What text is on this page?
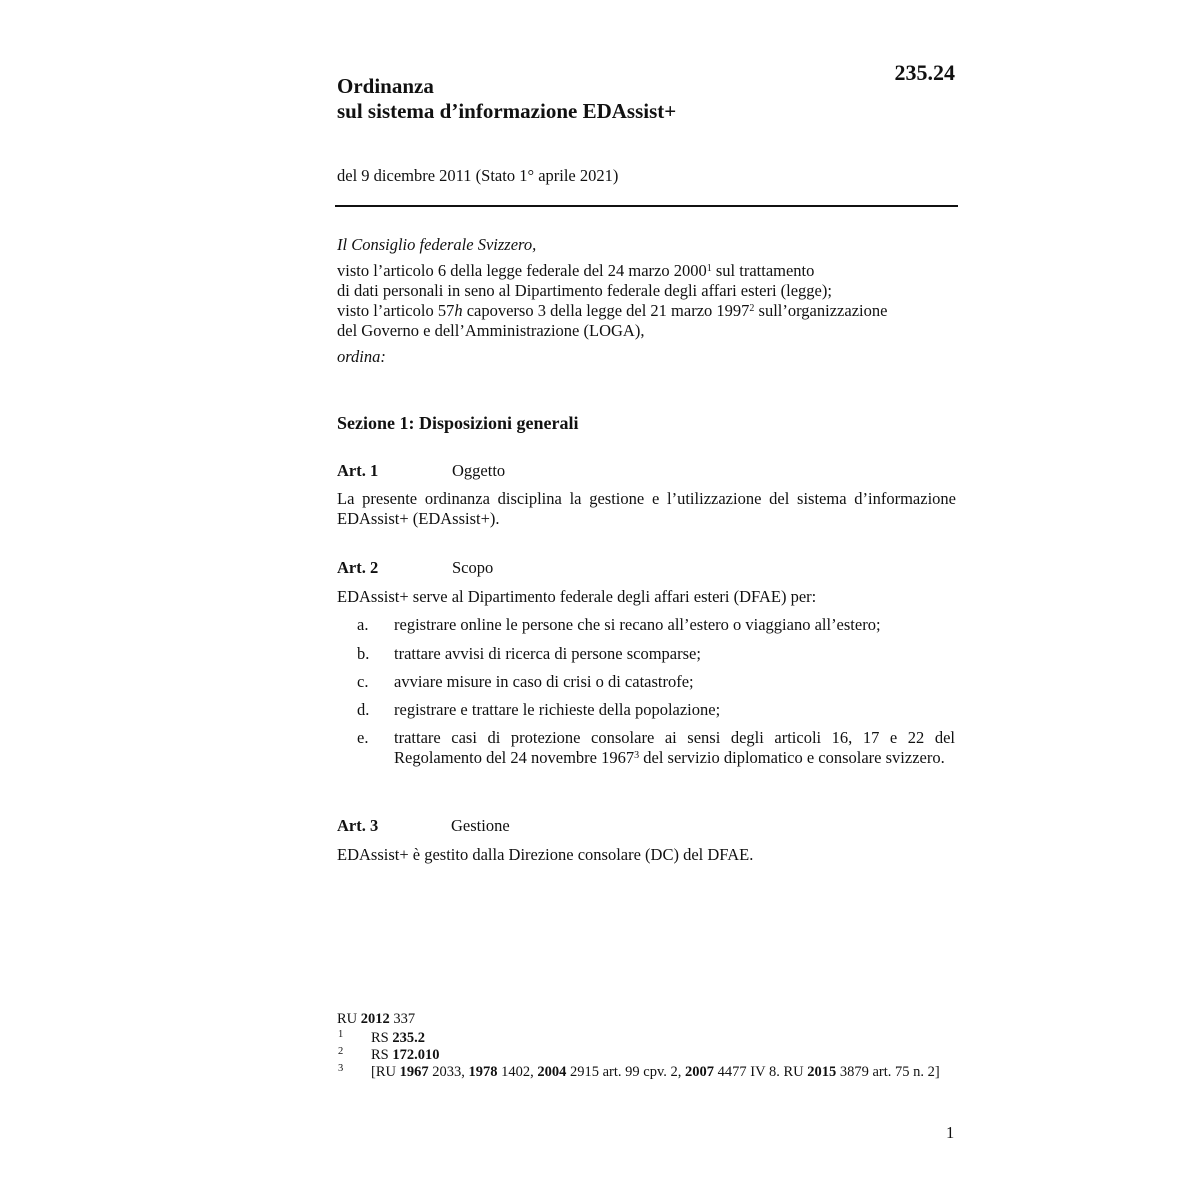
235.24
Ordinanza
sul sistema d’informazione EDAssist+
del 9 dicembre 2011 (Stato 1° aprile 2021)
Il Consiglio federale Svizzero,
visto l’articolo 6 della legge federale del 24 marzo 2000$^1$ sul trattamento
di dati personali in seno al Dipartimento federale degli affari esteri (legge);
visto l’articolo 57h capoverso 3 della legge del 21 marzo 1997$^2$ sull’organizzazione
del Governo e dell’Amministrazione (LOGA),
ordina:
Sezione 1: Disposizioni generali
Art. 1	Oggetto
La presente ordinanza disciplina la gestione e l’utilizzazione del sistema d’informazione EDAssist+ (EDAssist+).
Art. 2	Scopo
EDAssist+ serve al Dipartimento federale degli affari esteri (DFAE) per:
a. registrare online le persone che si recano all’estero o viaggiano all’estero;
b. trattare avvisi di ricerca di persone scomparse;
c. avviare misure in caso di crisi o di catastrofe;
d. registrare e trattare le richieste della popolazione;
e. trattare casi di protezione consolare ai sensi degli articoli 16, 17 e 22 del Regolamento del 24 novembre 1967$^3$ del servizio diplomatico e consolare svizzero.
Art. 3	Gestione
EDAssist+ è gestito dalla Direzione consolare (DC) del DFAE.
RU 2012 337
1 RS 235.2
2 RS 172.010
3 [RU 1967 2033, 1978 1402, 2004 2915 art. 99 cpv. 2, 2007 4477 IV 8. RU 2015 3879 art. 75 n. 2]
1
